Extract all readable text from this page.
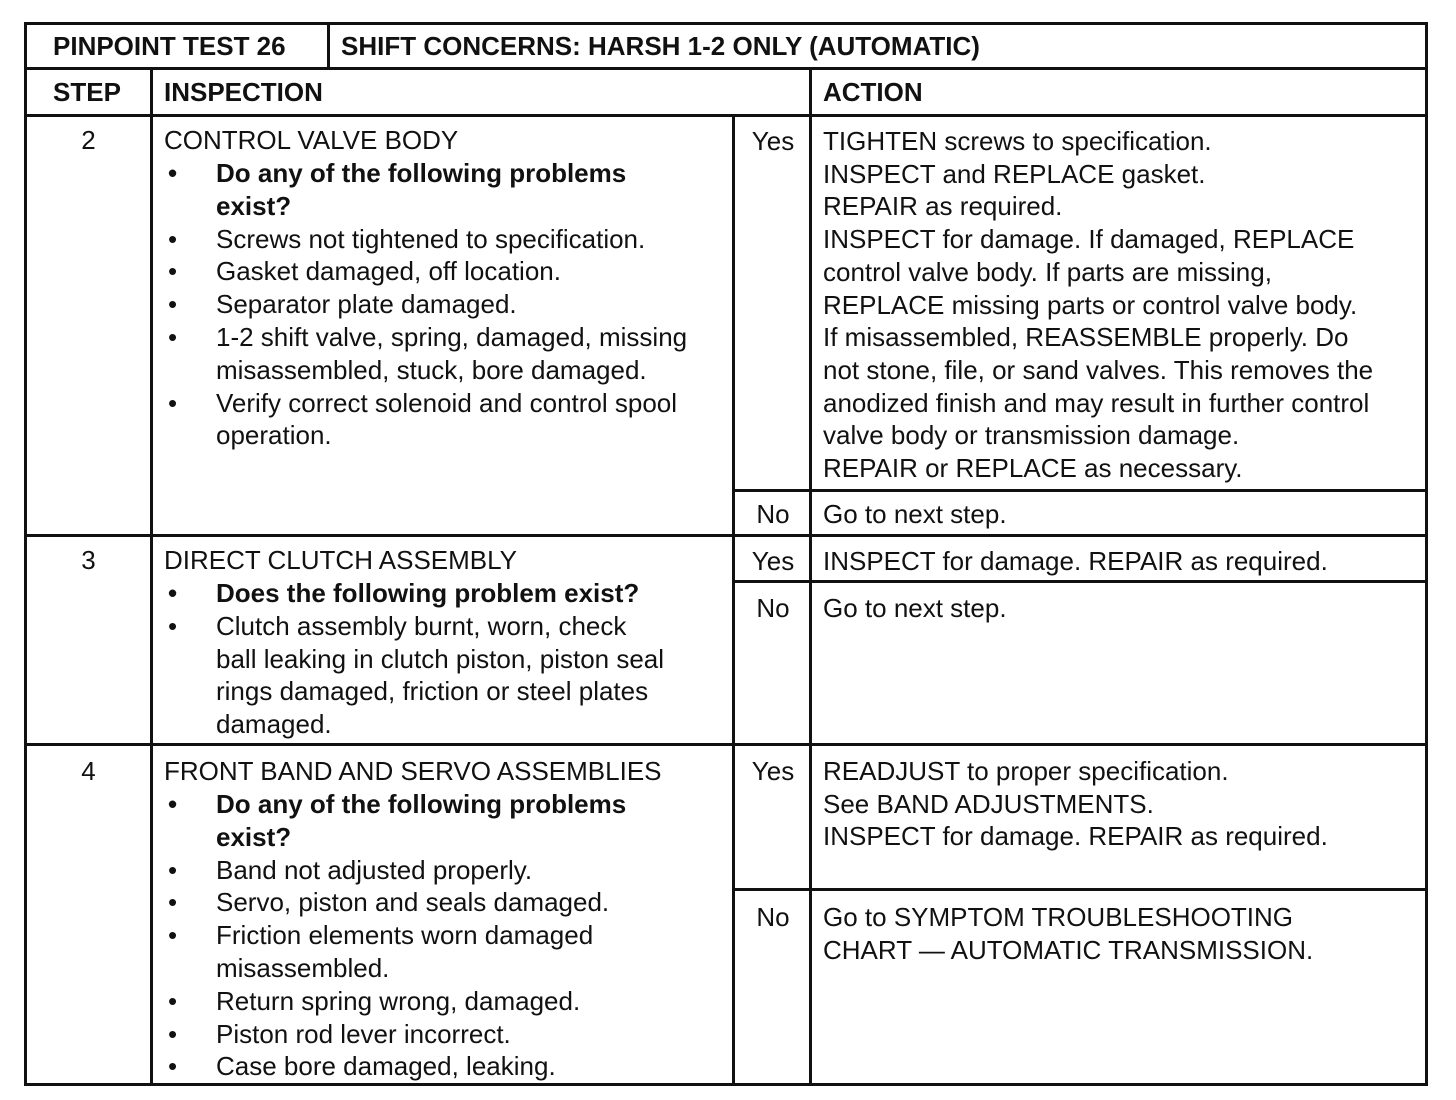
PINPOINT TEST 26 SHIFT CONCERNS: HARSH 1-2 ONLY (AUTOMATIC)
STEP INSPECTION	ACTION
2	CONTROL VALVE BODY
• Do any of the following problems
exist?
• Screws not tightened to specification.
• Gasket damaged, off location.
• Separator plate damaged.
• 1-2 shift valve, spring, damaged, missing
misassembled, stuck, bore damaged.
• Verify correct solenoid and control spool
operation.
Yes	TIGHTEN screws to specification.
INSPECT and REPLACE gasket.
REPAIR as required.
INSPECT for damage. If damaged, REPLACE
control valve body. If parts are missing,
REPLACE missing parts or control valve body.
If misassembled, REASSEMBLE properly. Do
not stone, file, or sand valves. This removes the
anodized finish and may result in further control
valve body or transmission damage.
REPAIR or REPLACE as necessary.
No	Go to next step.
3	DIRECT CLUTCH ASSEMBLY
• Does the following problem exist?
• Clutch assembly burnt, worn, check
ball leaking in clutch piston, piston seal
rings damaged, friction or steel plates
damaged.
Yes	INSPECT for damage. REPAIR as required.
No	Go to next step.
4	FRONT BAND AND SERVO ASSEMBLIES
• Do any of the following problems
exist?
• Band not adjusted properly.
• Servo, piston and seals damaged.
• Friction elements worn damaged
misassembled.
• Return spring wrong, damaged.
• Piston rod lever incorrect.
• Case bore damaged, leaking.
Yes	READJUST to proper specification.
See BAND ADJUSTMENTS.
INSPECT for damage. REPAIR as required.
No	Go to SYMPTOM TROUBLESHOOTING
CHART — AUTOMATIC TRANSMISSION.
